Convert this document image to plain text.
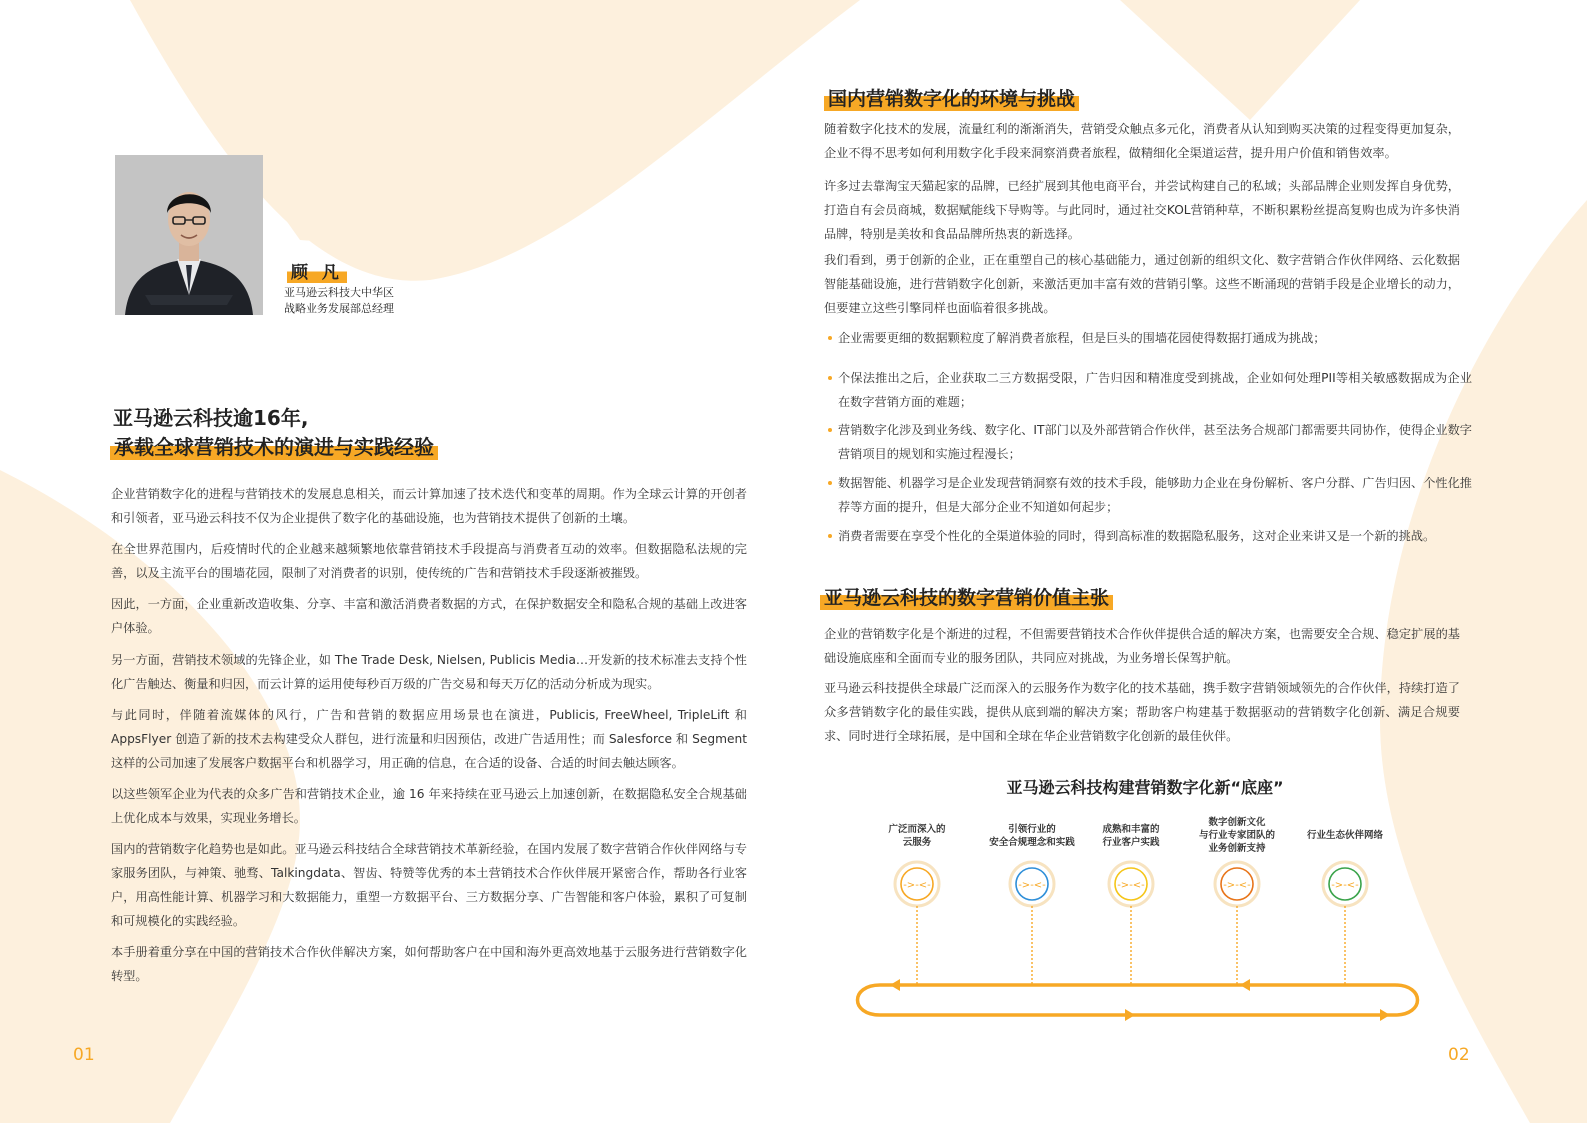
顾 凡
亚马逊云科技大中华区
战略业务发展部总经理
亚马逊云科技逾16年,
承载全球营销技术的演进与实践经验

企业营销数字化的进程与营销技术的发展息息相关，而云计算加速了技术迭代和变革的周期。作为全球云计算的开创者和引领者，亚马逊云科技不仅为企业提供了数字化的基础设施，也为营销技术提供了创新的土壤。

在全世界范围内，后疫情时代的企业越来越频繁地依靠营销技术手段提高与消费者互动的效率。但数据隐私法规的完善，以及主流平台的围墙花园，限制了对消费者的识别，使传统的广告和营销技术手段逐渐被摧毁。

因此，一方面，企业重新改造收集、分享、丰富和激活消费者数据的方式，在保护数据安全和隐私合规的基础上改进客户体验。

另一方面，营销技术领域的先锋企业，如 The Trade Desk, Nielsen, Publicis Media…开发新的技术标准去支持个性化广告触达、衡量和归因，而云计算的运用使每秒百万级的广告交易和每天万亿的活动分析成为现实。

与此同时，伴随着流媒体的风行，广告和营销的数据应用场景也在演进，Publicis, FreeWheel, TripleLift 和 AppsFlyer 创造了新的技术去构建受众人群包，进行流量和归因预估，改进广告适用性；而 Salesforce 和 Segment 这样的公司加速了发展客户数据平台和机器学习，用正确的信息，在合适的设备、合适的时间去触达顾客。

以这些领军企业为代表的众多广告和营销技术企业，逾 16 年来持续在亚马逊云上加速创新，在数据隐私安全合规基础上优化成本与效果，实现业务增长。

国内的营销数字化趋势也是如此。亚马逊云科技结合全球营销技术革新经验，在国内发展了数字营销合作伙伴网络与专家服务团队，与神策、驰骛、Talkingdata、智齿、特赞等优秀的本土营销技术合作伙伴展开紧密合作，帮助各行业客户，用高性能计算、机器学习和大数据能力，重塑一方数据平台、三方数据分享、广告智能和客户体验，累积了可复制和可规模化的实践经验。

本手册着重分享在中国的营销技术合作伙伴解决方案，如何帮助客户在中国和海外更高效地基于云服务进行营销数字化转型。

国内营销数字化的环境与挑战

随着数字化技术的发展，流量红利的渐渐消失，营销受众触点多元化，消费者从认知到购买决策的过程变得更加复杂，企业不得不思考如何利用数字化手段来洞察消费者旅程，做精细化全渠道运营，提升用户价值和销售效率。

许多过去靠淘宝天猫起家的品牌，已经扩展到其他电商平台，并尝试构建自己的私域；头部品牌企业则发挥自身优势，打造自有会员商城，数据赋能线下导购等。与此同时，通过社交KOL营销种草，不断积累粉丝提高复购也成为许多快消品牌，特别是美妆和食品品牌所热衷的新选择。

我们看到，勇于创新的企业，正在重塑自己的核心基础能力，通过创新的组织文化、数字营销合作伙伴网络、云化数据智能基础设施，进行营销数字化创新，来激活更加丰富有效的营销引擎。这些不断涌现的营销手段是企业增长的动力，但要建立这些引擎同样也面临着很多挑战。

企业需要更细的数据颗粒度了解消费者旅程，但是巨头的围墙花园使得数据打通成为挑战；

个保法推出之后，企业获取二三方数据受限，广告归因和精准度受到挑战，企业如何处理PII等相关敏感数据成为企业在数字营销方面的难题；

营销数字化涉及到业务线、数字化、IT部门以及外部营销合作伙伴，甚至法务合规部门都需要共同协作，使得企业数字营销项目的规划和实施过程漫长；

数据智能、机器学习是企业发现营销洞察有效的技术手段，能够助力企业在身份解析、客户分群、广告归因、个性化推荐等方面的提升，但是大部分企业不知道如何起步；

消费者需要在享受个性化的全渠道体验的同时，得到高标准的数据隐私服务，这对企业来讲又是一个新的挑战。

亚马逊云科技的数字营销价值主张

企业的营销数字化是个渐进的过程，不但需要营销技术合作伙伴提供合适的解决方案，也需要安全合规、稳定扩展的基础设施底座和全面而专业的服务团队，共同应对挑战，为业务增长保驾护航。

亚马逊云科技提供全球最广泛而深入的云服务作为数字化的技术基础，携手数字营销领域领先的合作伙伴，持续打造了众多营销数字化的最佳实践，提供从底到端的解决方案；帮助客户构建基于数据驱动的营销数字化创新、满足合规要求、同时进行全球拓展，是中国和全球在华企业营销数字化创新的最佳伙伴。

亚马逊云科技构建营销数字化新“底座”
广泛而深入的
云服务
引领行业的
安全合规理念和实践
成熟和丰富的
行业客户实践
数字创新文化
与行业专家团队的
业务创新支持
行业生态伙伴网络
->-<-	->-<-	->-<-	->-<-	->-<-
01	02
